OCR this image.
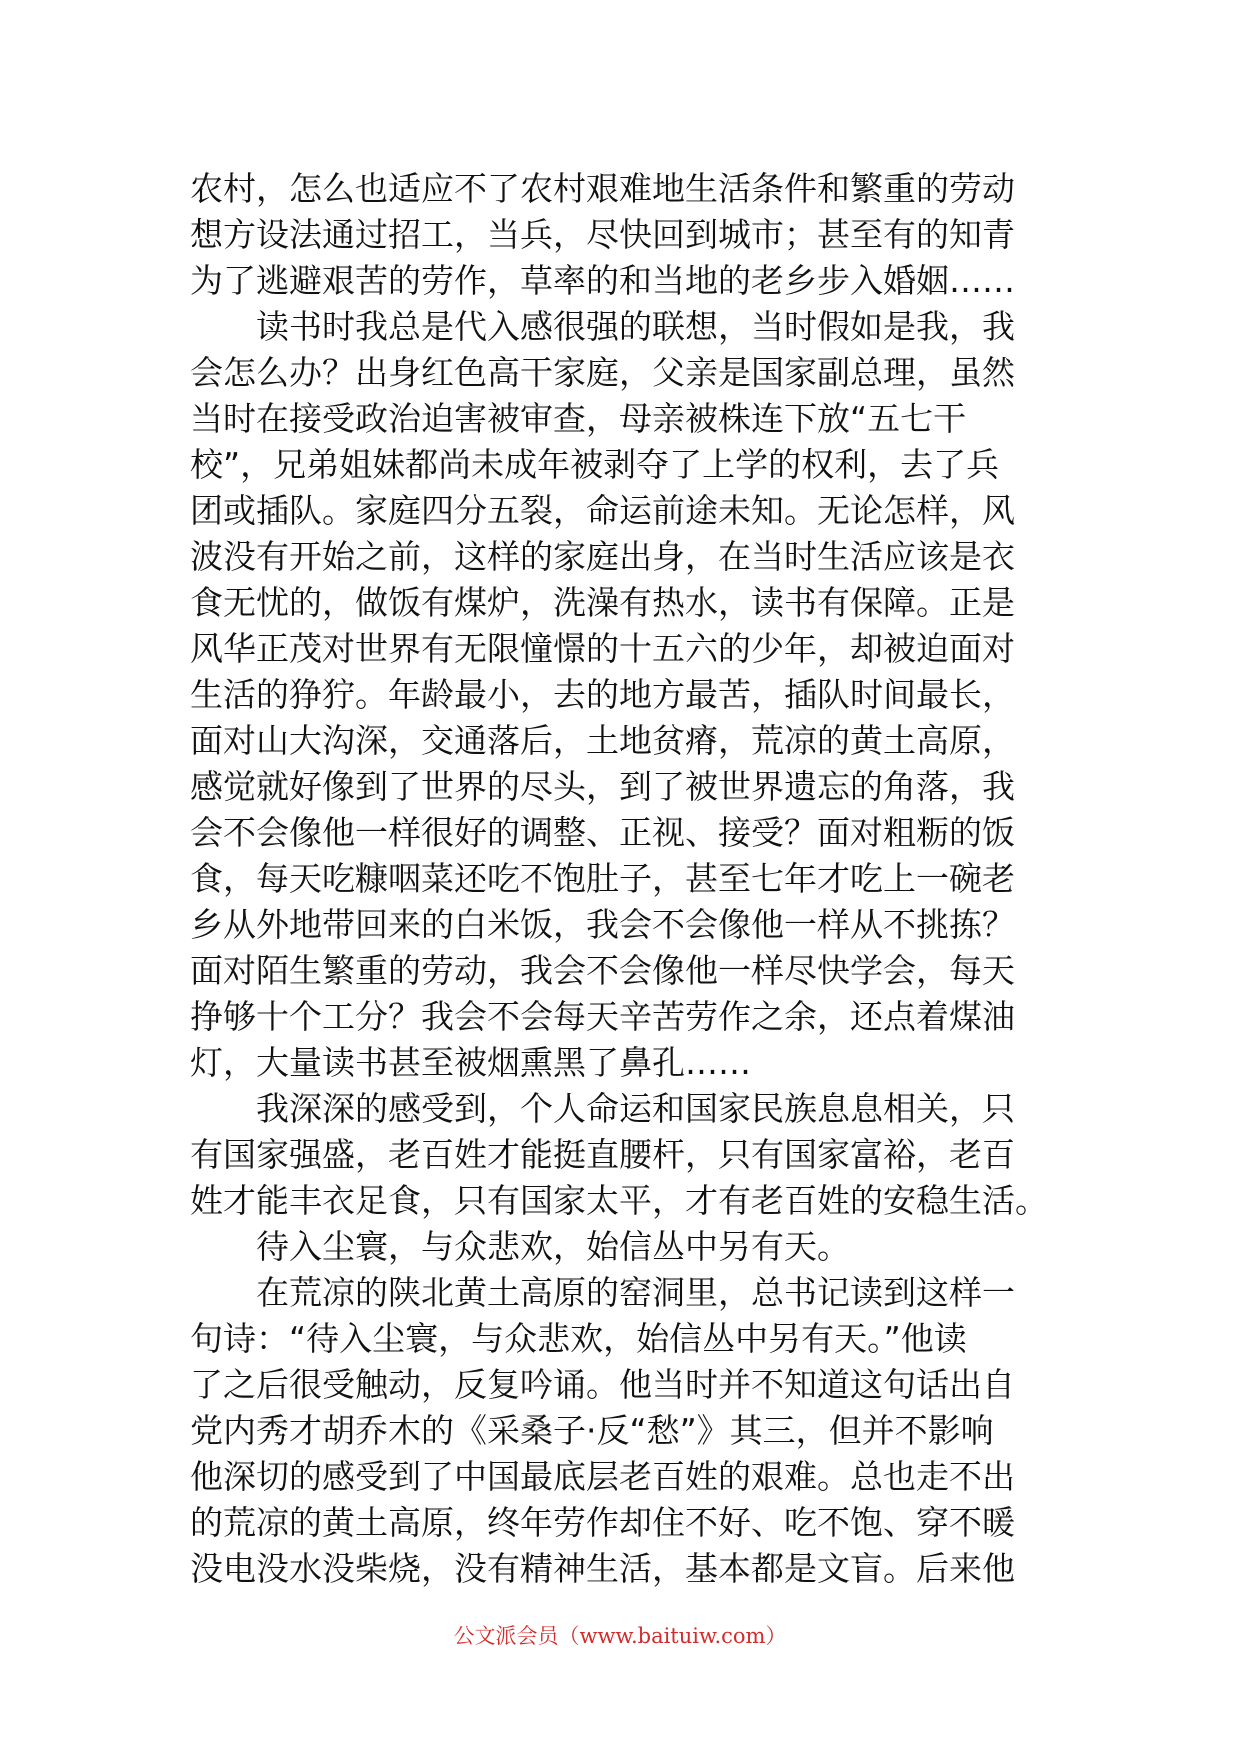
农村，怎么也适应不了农村艰难地生活条件和繁重的劳动
想方设法通过招工，当兵，尽快回到城市；甚至有的知青
为了逃避艰苦的劳作，草率的和当地的老乡步入婚姻……
读书时我总是代入感很强的联想，当时假如是我，我
会怎么办？出身红色高干家庭，父亲是国家副总理，虽然
当时在接受政治迫害被审查，母亲被株连下放“五七干
校”，兄弟姐妹都尚未成年被剥夺了上学的权利，去了兵
团或插队。家庭四分五裂，命运前途未知。无论怎样，风
波没有开始之前，这样的家庭出身，在当时生活应该是衣
食无忧的，做饭有煤炉，洗澡有热水，读书有保障。正是
风华正茂对世界有无限憧憬的十五六的少年，却被迫面对
生活的狰狞。年龄最小，去的地方最苦，插队时间最长，
面对山大沟深，交通落后，土地贫瘠，荒凉的黄土高原，
感觉就好像到了世界的尽头，到了被世界遗忘的角落，我
会不会像他一样很好的调整、正视、接受？面对粗粝的饭
食，每天吃糠咽菜还吃不饱肚子，甚至七年才吃上一碗老
乡从外地带回来的白米饭，我会不会像他一样从不挑拣？
面对陌生繁重的劳动，我会不会像他一样尽快学会，每天
挣够十个工分？我会不会每天辛苦劳作之余，还点着煤油
灯，大量读书甚至被烟熏黑了鼻孔……
我深深的感受到，个人命运和国家民族息息相关，只
有国家强盛，老百姓才能挺直腰杆，只有国家富裕，老百
姓才能丰衣足食，只有国家太平，才有老百姓的安稳生活。
待入尘寰，与众悲欢，始信丛中另有天。
在荒凉的陕北黄土高原的窑洞里，总书记读到这样一
句诗：“待入尘寰，与众悲欢，始信丛中另有天。”他读
了之后很受触动，反复吟诵。他当时并不知道这句话出自
党内秀才胡乔木的《采桑子·反“愁”》其三，但并不影响
他深切的感受到了中国最底层老百姓的艰难。总也走不出
的荒凉的黄土高原，终年劳作却住不好、吃不饱、穿不暖
没电没水没柴烧，没有精神生活，基本都是文盲。后来他
公文派会员（www.baituiw.com）
